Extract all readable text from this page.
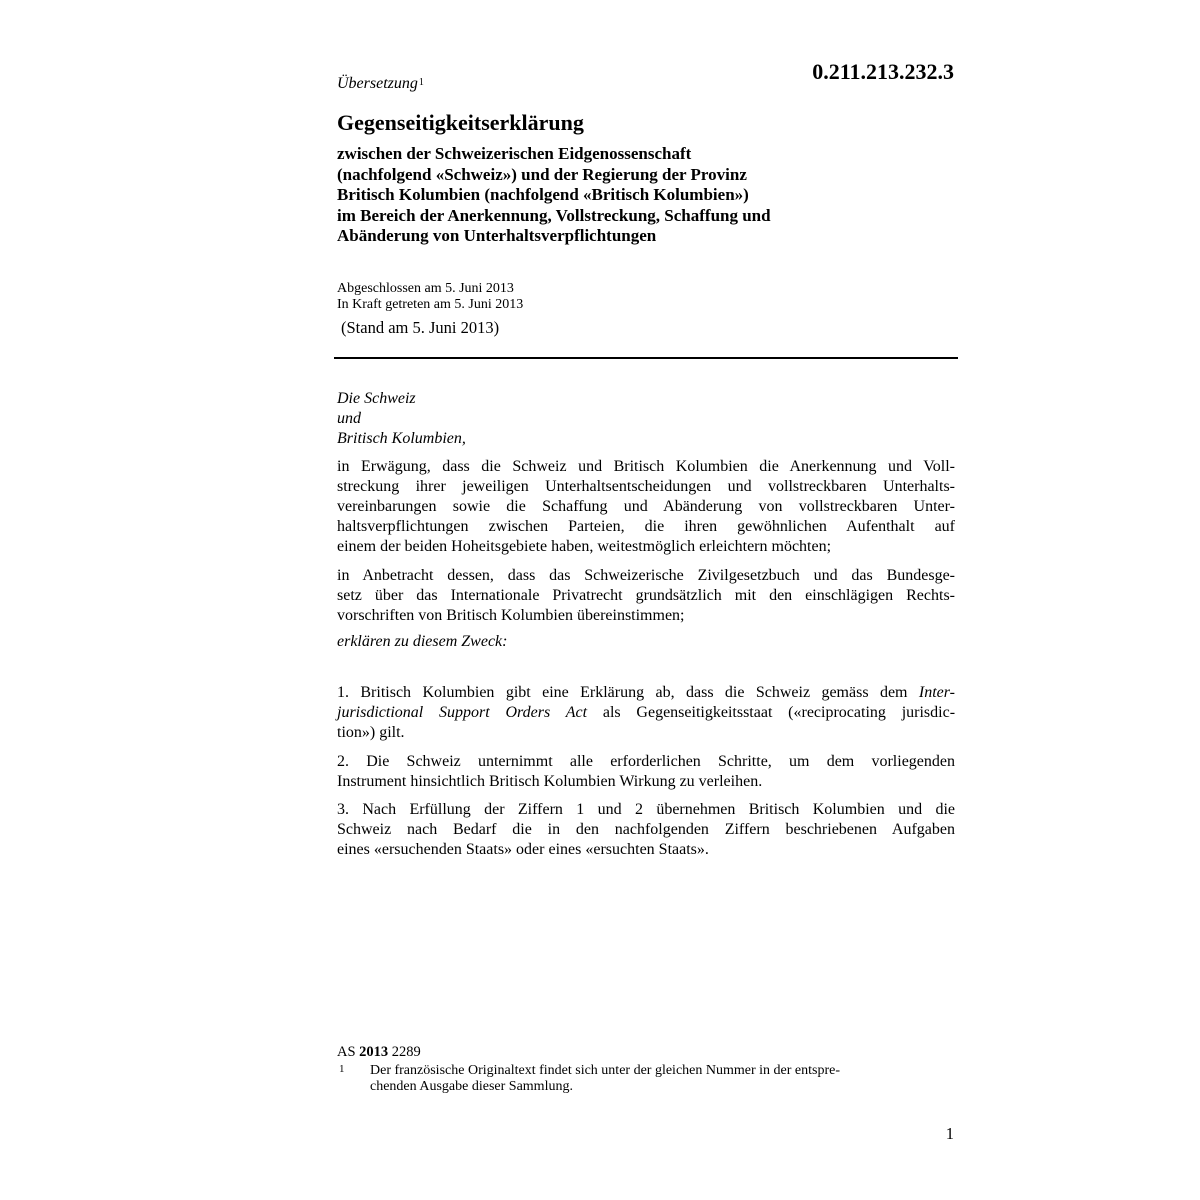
0.211.213.232.3
Übersetzung$^1$
Gegenseitigkeitserklärung
zwischen der Schweizerischen Eidgenossenschaft
(nachfolgend «Schweiz») und der Regierung der Provinz
Britisch Kolumbien (nachfolgend «Britisch Kolumbien»)
im Bereich der Anerkennung, Vollstreckung, Schaffung und
Abänderung von Unterhaltsverpflichtungen
Abgeschlossen am 5. Juni 2013
In Kraft getreten am 5. Juni 2013
(Stand am 5. Juni 2013)
Die Schweiz
und
Britisch Kolumbien,
in Erwägung, dass die Schweiz und Britisch Kolumbien die Anerkennung und Voll-
streckung ihrer jeweiligen Unterhaltsentscheidungen und vollstreckbaren Unterhalts-
vereinbarungen sowie die Schaffung und Abänderung von vollstreckbaren Unter-
haltsverpflichtungen zwischen Parteien, die ihren gewöhnlichen Aufenthalt auf
einem der beiden Hoheitsgebiete haben, weitestmöglich erleichtern möchten;
in Anbetracht dessen, dass das Schweizerische Zivilgesetzbuch und das Bundesge-
setz über das Internationale Privatrecht grundsätzlich mit den einschlägigen Rechts-
vorschriften von Britisch Kolumbien übereinstimmen;
erklären zu diesem Zweck:
1. Britisch Kolumbien gibt eine Erklärung ab, dass die Schweiz gemäss dem Inter-
jurisdictional Support Orders Act als Gegenseitigkeitsstaat («reciprocating jurisdic-
tion») gilt.
2. Die Schweiz unternimmt alle erforderlichen Schritte, um dem vorliegenden
Instrument hinsichtlich Britisch Kolumbien Wirkung zu verleihen.
3. Nach Erfüllung der Ziffern 1 und 2 übernehmen Britisch Kolumbien und die
Schweiz nach Bedarf die in den nachfolgenden Ziffern beschriebenen Aufgaben
eines «ersuchenden Staats» oder eines «ersuchten Staats».
AS 2013 2289
1 Der französische Originaltext findet sich unter der gleichen Nummer in der entspre-
chenden Ausgabe dieser Sammlung.
1
